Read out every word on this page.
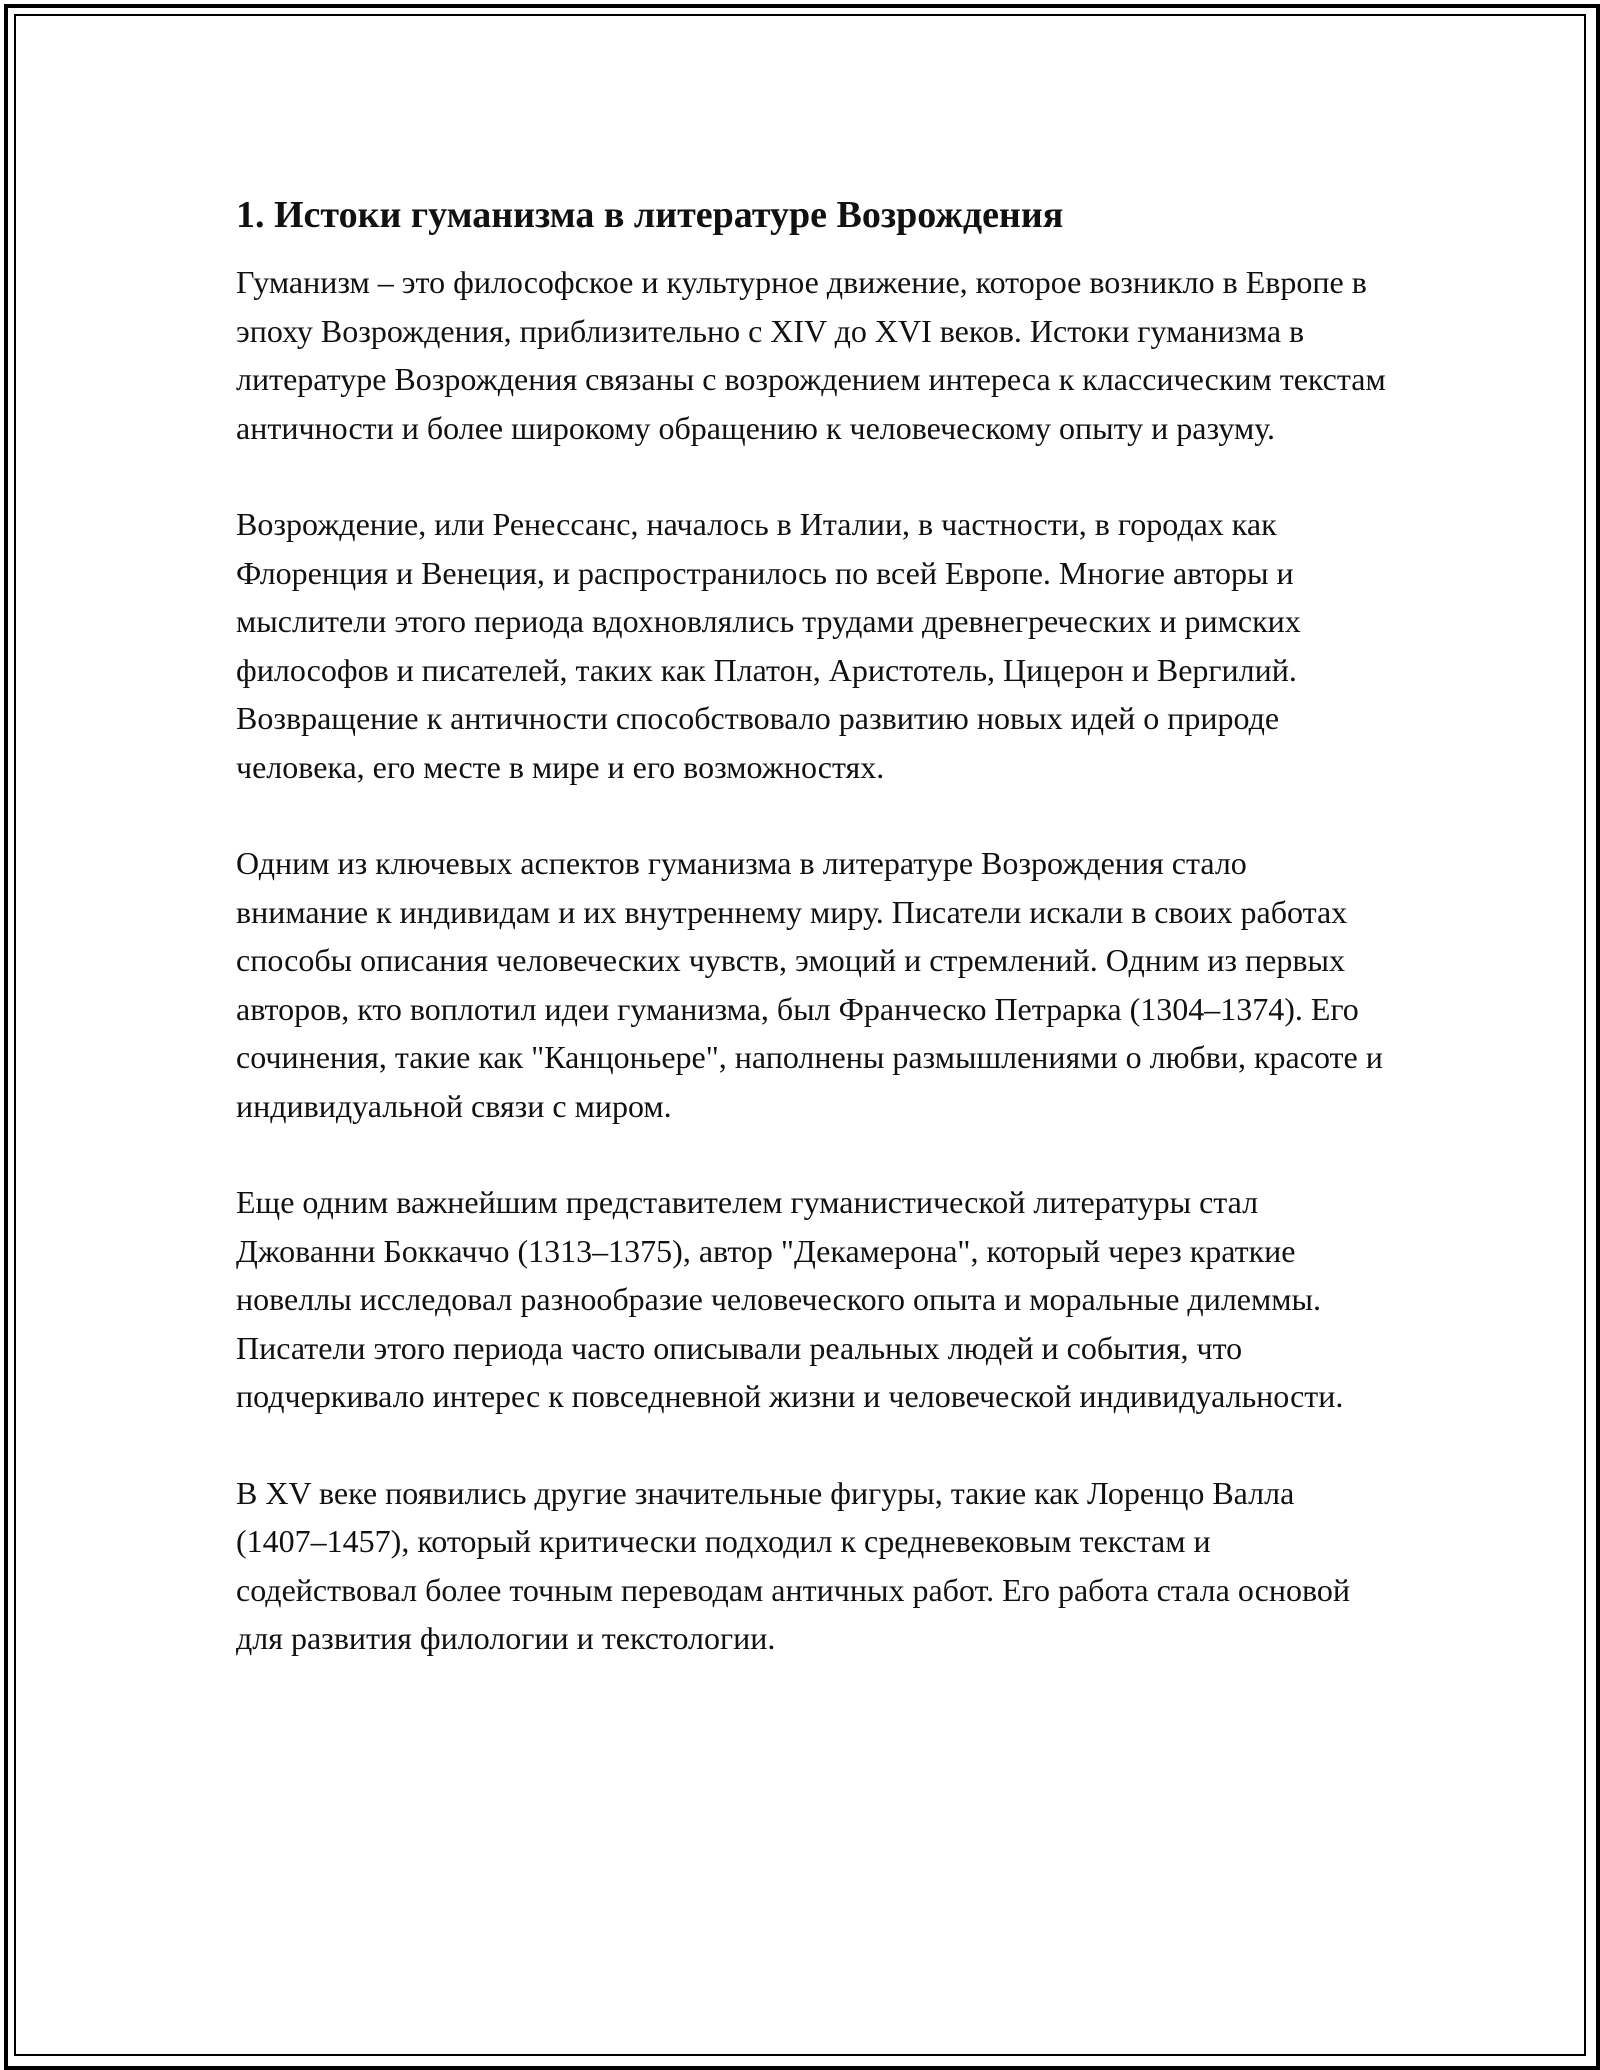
1. Истоки гуманизма в литературе Возрождения

Гуманизм – это философское и культурное движение, которое возникло в Европе в эпоху Возрождения, приблизительно с XIV до XVI веков. Истоки гуманизма в литературе Возрождения связаны с возрождением интереса к классическим текстам античности и более широкому обращению к человеческому опыту и разуму.

Возрождение, или Ренессанс, началось в Италии, в частности, в городах как Флоренция и Венеция, и распространилось по всей Европе. Многие авторы и мыслители этого периода вдохновлялись трудами древнегреческих и римских философов и писателей, таких как Платон, Аристотель, Цицерон и Вергилий. Возвращение к античности способствовало развитию новых идей о природе человека, его месте в мире и его возможностях.

Одним из ключевых аспектов гуманизма в литературе Возрождения стало внимание к индивидам и их внутреннему миру. Писатели искали в своих работах способы описания человеческих чувств, эмоций и стремлений. Одним из первых авторов, кто воплотил идеи гуманизма, был Франческо Петрарка (1304–1374). Его сочинения, такие как "Канцоньере", наполнены размышлениями о любви, красоте и индивидуальной связи с миром.

Еще одним важнейшим представителем гуманистической литературы стал Джованни Боккаччо (1313–1375), автор "Декамерона", который через краткие новеллы исследовал разнообразие человеческого опыта и моральные дилеммы. Писатели этого периода часто описывали реальных людей и события, что подчеркивало интерес к повседневной жизни и человеческой индивидуальности.

В XV веке появились другие значительные фигуры, такие как Лоренцо Валла (1407–1457), который критически подходил к средневековым текстам и содействовал более точным переводам античных работ. Его работа стала основой для развития филологии и текстологии.
